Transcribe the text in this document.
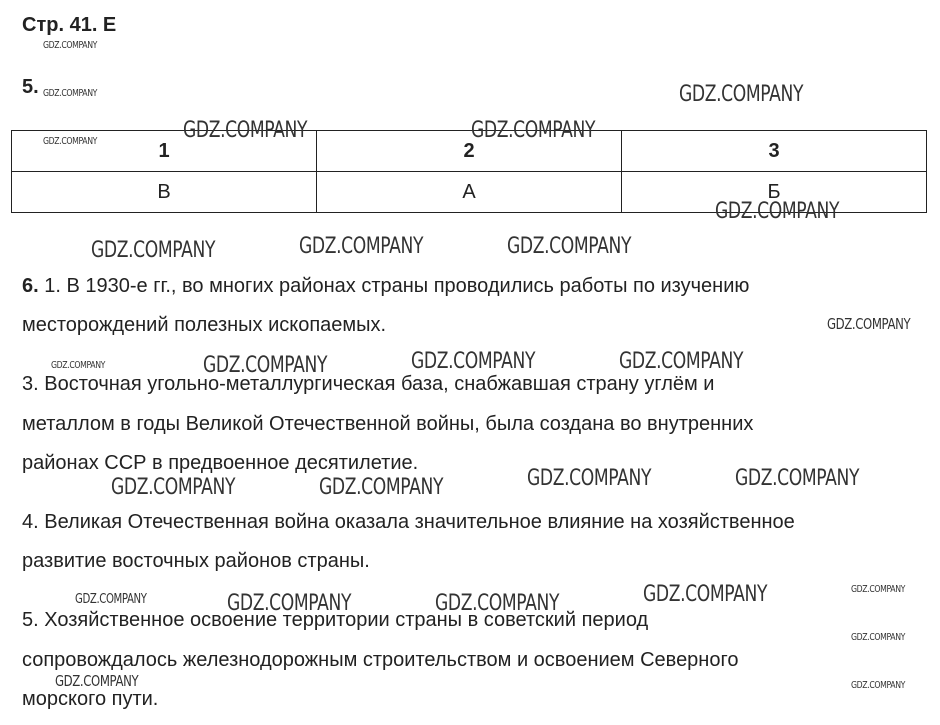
Стр. 41. Е
5.
1	2	3
В	А	Б
6. 1. В 1930-е гг., во многих районах страны проводились работы по изучению
месторождений полезных ископаемых.
3. Восточная угольно-металлургическая база, снабжавшая страну углём и
металлом в годы Великой Отечественной войны, была создана во внутренних
районах ССР в предвоенное десятилетие.
4. Великая Отечественная война оказала значительное влияние на хозяйственное
развитие восточных районов страны.
5. Хозяйственное освоение территории страны в советский период
сопровождалось железнодорожным строительством и освоением Северного
морского пути.
GDZ.COMPANY
GDZ.COMPANY
GDZ.COMPANY
GDZ.COMPANY
GDZ.COMPANY	GDZ.COMPANY
GDZ.COMPANY
GDZ.COMPANY	GDZ.COMPANY	GDZ.COMPANY
GDZ.COMPANY
GDZ.COMPANY	GDZ.COMPANY	GDZ.COMPANY	GDZ.COMPANY
GDZ.COMPANY	GDZ.COMPANY	GDZ.COMPANY	GDZ.COMPANY
GDZ.COMPANY	GDZ.COMPANY	GDZ.COMPANY	GDZ.COMPANY	GDZ.COMPANY
GDZ.COMPANY
GDZ.COMPANY	GDZ.COMPANY
